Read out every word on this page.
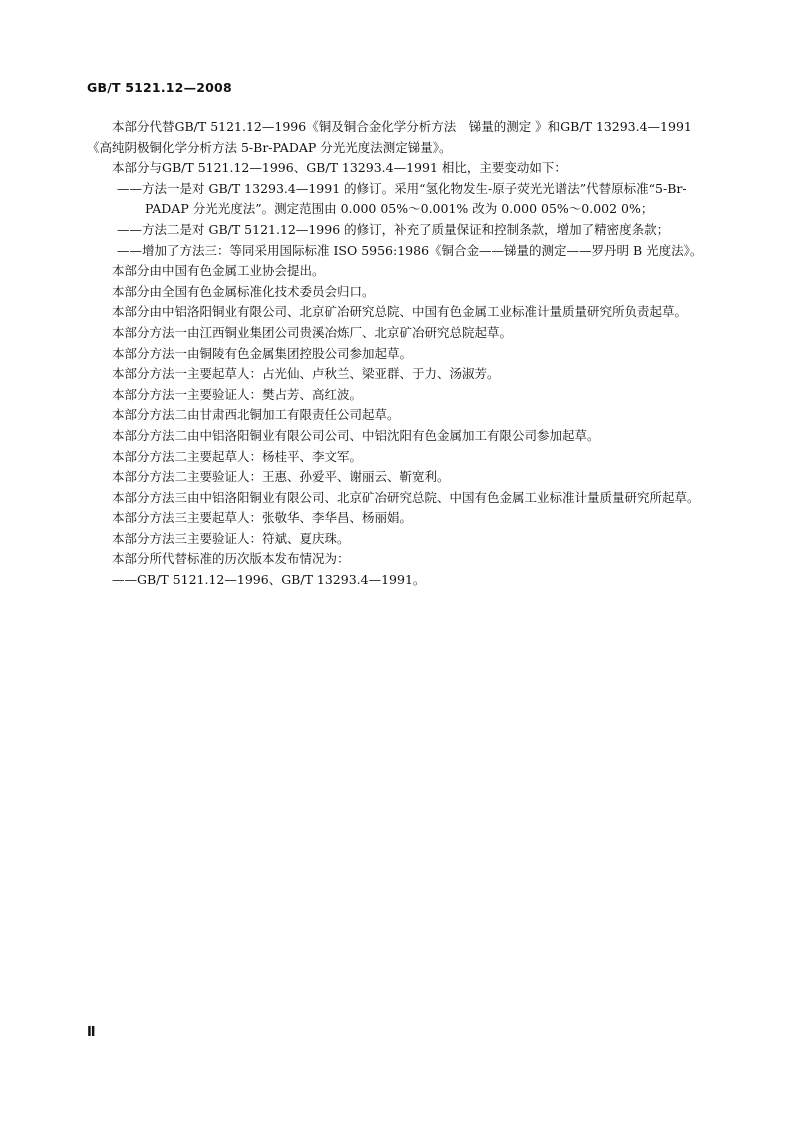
GB/T 5121.12—2008

本部分代替GB/T 5121.12—1996《铜及铜合金化学分析方法　锑量的测定 》和GB/T 13293.4—1991《高纯阴极铜化学分析方法 5-Br-PADAP 分光光度法测定锑量》。

本部分与GB/T 5121.12—1996、GB/T 13293.4—1991 相比，主要变动如下：

——方法一是对 GB/T 13293.4—1991 的修订。采用“氢化物发生-原子荧光光谱法”代替原标准“5-Br-PADAP 分光光度法”。测定范围由 0.000 05%～0.001% 改为 0.000 05%～0.002 0%；

——方法二是对 GB/T 5121.12—1996 的修订，补充了质量保证和控制条款，增加了精密度条款；

——增加了方法三：等同采用国际标准 ISO 5956:1986《铜合金——锑量的测定——罗丹明 B 光度法》。

本部分由中国有色金属工业协会提出。

本部分由全国有色金属标准化技术委员会归口。

本部分由中铝洛阳铜业有限公司、北京矿冶研究总院、中国有色金属工业标准计量质量研究所负责起草。

本部分方法一由江西铜业集团公司贵溪冶炼厂、北京矿冶研究总院起草。

本部分方法一由铜陵有色金属集团控股公司参加起草。

本部分方法一主要起草人：占光仙、卢秋兰、梁亚群、于力、汤淑芳。

本部分方法一主要验证人：樊占芳、高红波。

本部分方法二由甘肃西北铜加工有限责任公司起草。

本部分方法二由中铝洛阳铜业有限公司公司、中铝沈阳有色金属加工有限公司参加起草。

本部分方法二主要起草人：杨桂平、李文军。

本部分方法二主要验证人：王惠、孙爱平、谢丽云、靳宽利。

本部分方法三由中铝洛阳铜业有限公司、北京矿冶研究总院、中国有色金属工业标准计量质量研究所起草。

本部分方法三主要起草人：张敬华、李华昌、杨丽娟。

本部分方法三主要验证人：符斌、夏庆珠。

本部分所代替标准的历次版本发布情况为：

——GB/T 5121.12—1996、GB/T 13293.4—1991。

Ⅱ
